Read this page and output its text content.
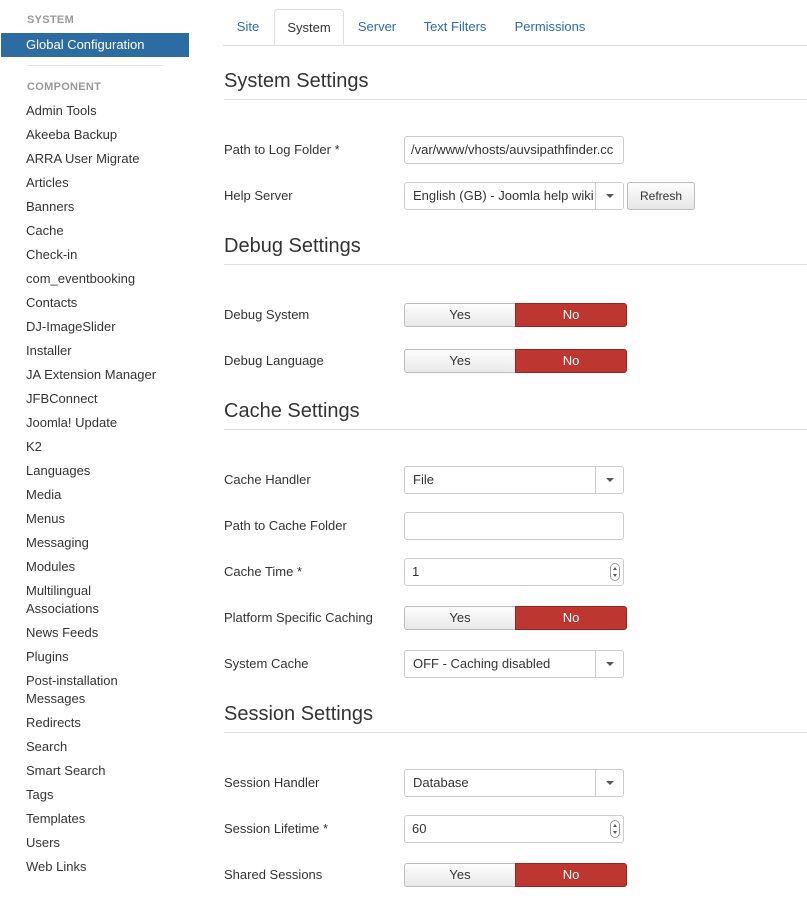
SYSTEM
Global Configuration
COMPONENT
Admin Tools
Akeeba Backup
ARRA User Migrate
Articles
Banners
Cache
Check-in
com_eventbooking
Contacts
DJ-ImageSlider
Installer
JA Extension Manager
JFBConnect
Joomla! Update
K2
Languages
Media
Menus
Messaging
Modules
Multilingual
Associations
News Feeds
Plugins
Post-installation
Messages
Redirects
Search
Smart Search
Tags
Templates
Users
Web Links
Site	System	Server	Text Filters	Permissions
System Settings
Path to Log Folder *	/var/www/vhosts/auvsipathfinder.cc
Help Server	English (GB) - Joomla help wiki	Refresh
Debug Settings
Debug System	Yes	No
Debug Language	Yes	No
Cache Settings
Cache Handler	File
Path to Cache Folder
Cache Time *	1
Platform Specific Caching	Yes	No
System Cache	OFF - Caching disabled
Session Settings
Session Handler	Database
Session Lifetime *	60
Shared Sessions	Yes	No
